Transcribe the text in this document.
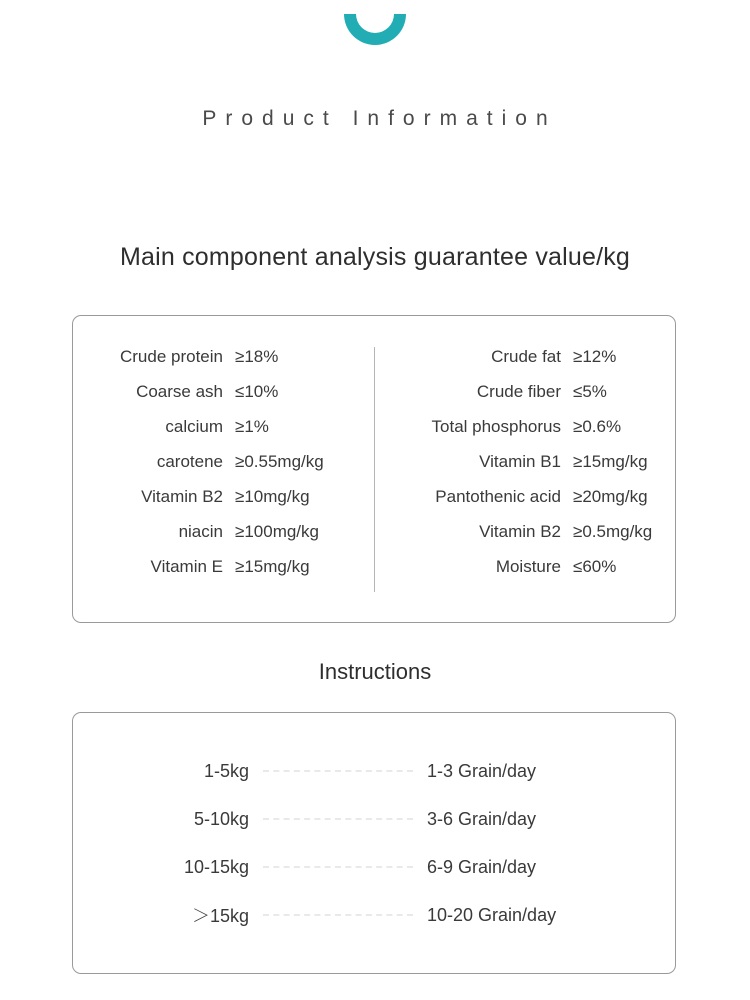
Product Information
Main component analysis guarantee value/kg
Crude protein ≥18%
Coarse ash ≤10%
calcium ≥1%
carotene ≥0.55mg/kg
Vitamin B2 ≥10mg/kg
niacin ≥100mg/kg
Vitamin E ≥15mg/kg
Crude fat ≥12%
Crude fiber ≤5%
Total phosphorus ≥0.6%
Vitamin B1 ≥15mg/kg
Pantothenic acid ≥20mg/kg
Vitamin B2 ≥0.5mg/kg
Moisture ≤60%
Instructions
1-5kg	1-3 Grain/day
5-10kg	3-6 Grain/day
10-15kg	6-9 Grain/day
＞15kg	10-20 Grain/day
